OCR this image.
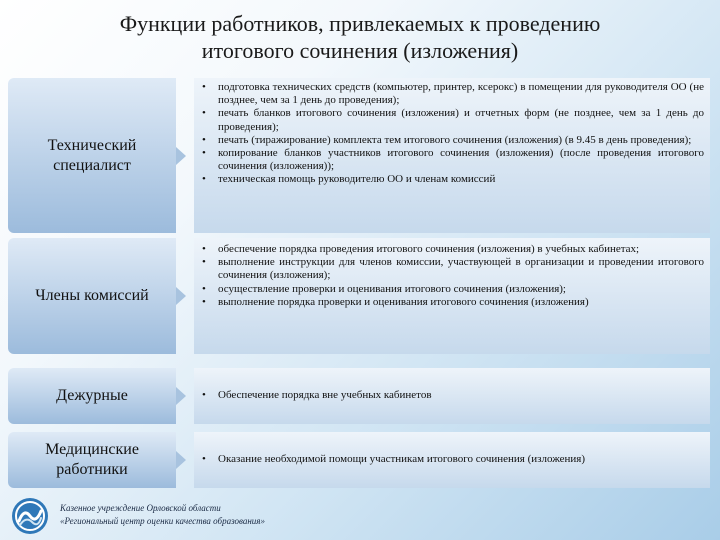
Функции работников, привлекаемых к проведению
итогового сочинения (изложения)
Технический специалист
• подготовка технических средств (компьютер, принтер, ксерокс) в помещении для руководителя ОО (не позднее, чем за 1 день до проведения);
• печать бланков итогового сочинения (изложения) и отчетных форм (не позднее, чем за 1 день до проведения);
• печать (тиражирование) комплекта тем итогового сочинения (изложения) (в 9.45 в день проведения);
• копирование бланков участников итогового сочинения (изложения) (после проведения итогового сочинения (изложения));
• техническая помощь руководителю ОО и членам комиссий
Члены комиссий
• обеспечение порядка проведения итогового сочинения (изложения) в учебных кабинетах;
• выполнение инструкции для членов комиссии, участвующей в организации и проведении итогового сочинения (изложения);
• осуществление проверки и оценивания итогового сочинения (изложения);
• выполнение порядка проверки и оценивания итогового сочинения (изложения)
Дежурные
•	Обеспечение порядка вне учебных кабинетов
Медицинские работники
• Оказание необходимой помощи участникам итогового сочинения (изложения)
Казенное учреждение Орловской области
«Региональный центр оценки качества образования»
